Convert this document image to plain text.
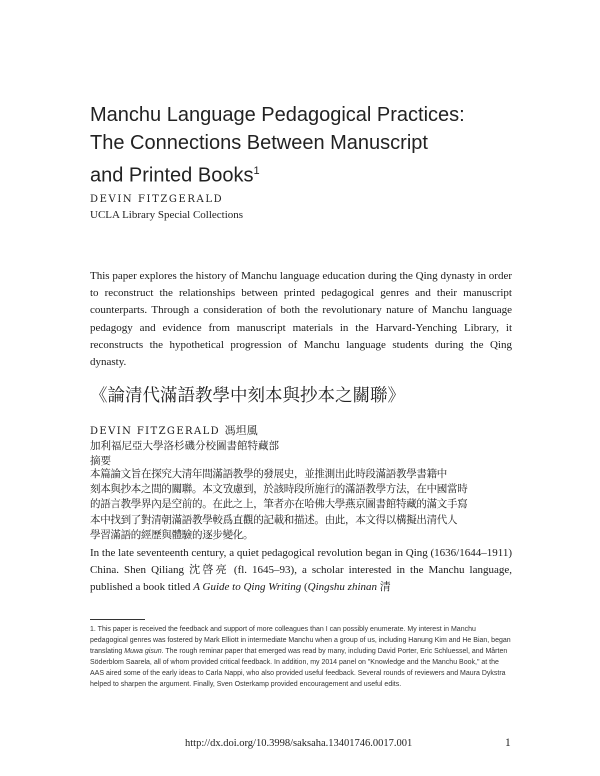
Manchu Language Pedagogical Practices:
The Connections Between Manuscript
and Printed Books$^1$
DEVIN FITZGERALD
UCLA Library Special Collections
This paper explores the history of Manchu language education during the Qing dynasty in order to reconstruct the relationships between printed pedagogical genres and their manuscript counterparts. Through a consideration of both the revolutionary nature of Manchu language pedagogy and evidence from manuscript materials in the Harvard-Yenching Library, it reconstructs the hypothetical progression of Manchu language students during the Qing dynasty.
《論清代滿語教學中刻本與抄本之關聯》
DEVIN FITZGERALD 馮坦風
加利福尼亞大學洛杉磯分校圖書館特藏部
摘要
本篇論文旨在探究大清年間滿語教學的發展史，並推測出此時段滿語教學書籍中
刻本與抄本之間的關聯。本文攷慮到，於該時段所施行的滿語教學方法，在中國當時
的語言教學界內是空前的。在此之上，筆者亦在哈佛大學燕京圖書館特藏的滿文手寫
本中找到了對清朝滿語教學較爲直觀的記載和描述。由此，本文得以構擬出清代人
學習滿語的經歷與體驗的逐步變化。
In the late seventeenth century, a quiet pedagogical revolution began in Qing (1636/1644–1911) China. Shen Qiliang 沈啓亮 (fl. 1645–93), a scholar interested in the Manchu language, published a book titled A Guide to Qing Writing (Qingshu zhinan 清
1. This paper is received the feedback and support of more colleagues than I can possibly enumerate. My interest in Manchu pedagogical genres was fostered by Mark Elliott in intermediate Manchu when a group of us, including Hanung Kim and He Bian, began translating Muwa gisun. The rough reminar paper that emerged was read by many, including David Porter, Eric Schluessel, and Mårten Söderblom Saarela, all of whom provided critical feedback. In addition, my 2014 panel on "Knowledge and the Manchu Book," at the AAS aired some of the early ideas to Carla Nappi, who also provided useful feedback. Several rounds of reviewers and Maura Dykstra helped to sharpen the argument. Finally, Sven Osterkamp provided encouragement and useful edits.
http://dx.doi.org/10.3998/saksaha.13401746.0017.001	1
